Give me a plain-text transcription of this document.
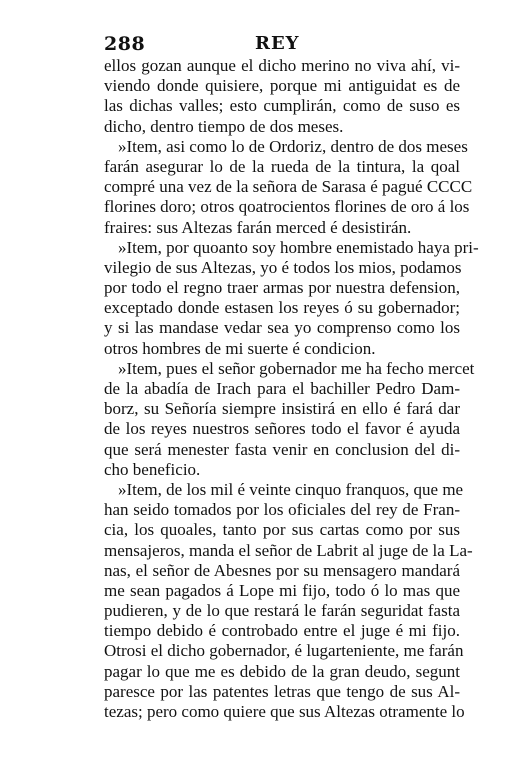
288	REY
ellos gozan aunque el dicho merino no viva ahí, vi-
viendo donde quisiere, porque mi antiguidat es de
las dichas valles; esto cumplirán, como de suso es
dicho, dentro tiempo de dos meses.
»Item, asi como lo de Ordoriz, dentro de dos meses
farán asegurar lo de la rueda de la tintura, la qoal
compré una vez de la señora de Sarasa é pagué CCCC
florines doro; otros qoatrocientos florines de oro á los
fraires: sus Altezas farán merced é desistirán.
»Item, por quoanto soy hombre enemistado haya pri-
vilegio de sus Altezas, yo é todos los mios, podamos
por todo el regno traer armas por nuestra defension,
exceptado donde estasen los reyes ó su gobernador;
y si las mandase vedar sea yo comprenso como los
otros hombres de mi suerte é condicion.
»Item, pues el señor gobernador me ha fecho mercet
de la abadía de Irach para el bachiller Pedro Dam-
borz, su Señoría siempre insistirá en ello é fará dar
de los reyes nuestros señores todo el favor é ayuda
que será menester fasta venir en conclusion del di-
cho beneficio.
»Item, de los mil é veinte cinquo franquos, que me
han seido tomados por los oficiales del rey de Fran-
cia, los quoales, tanto por sus cartas como por sus
mensajeros, manda el señor de Labrit al juge de la La-
nas, el señor de Abesnes por su mensagero mandará
me sean pagados á Lope mi fijo, todo ó lo mas que
pudieren, y de lo que restará le farán seguridat fasta
tiempo debido é controbado entre el juge é mi fijo.
Otrosi el dicho gobernador, é lugarteniente, me farán
pagar lo que me es debido de la gran deudo, segunt
paresce por las patentes letras que tengo de sus Al-
tezas; pero como quiere que sus Altezas otramente lo
